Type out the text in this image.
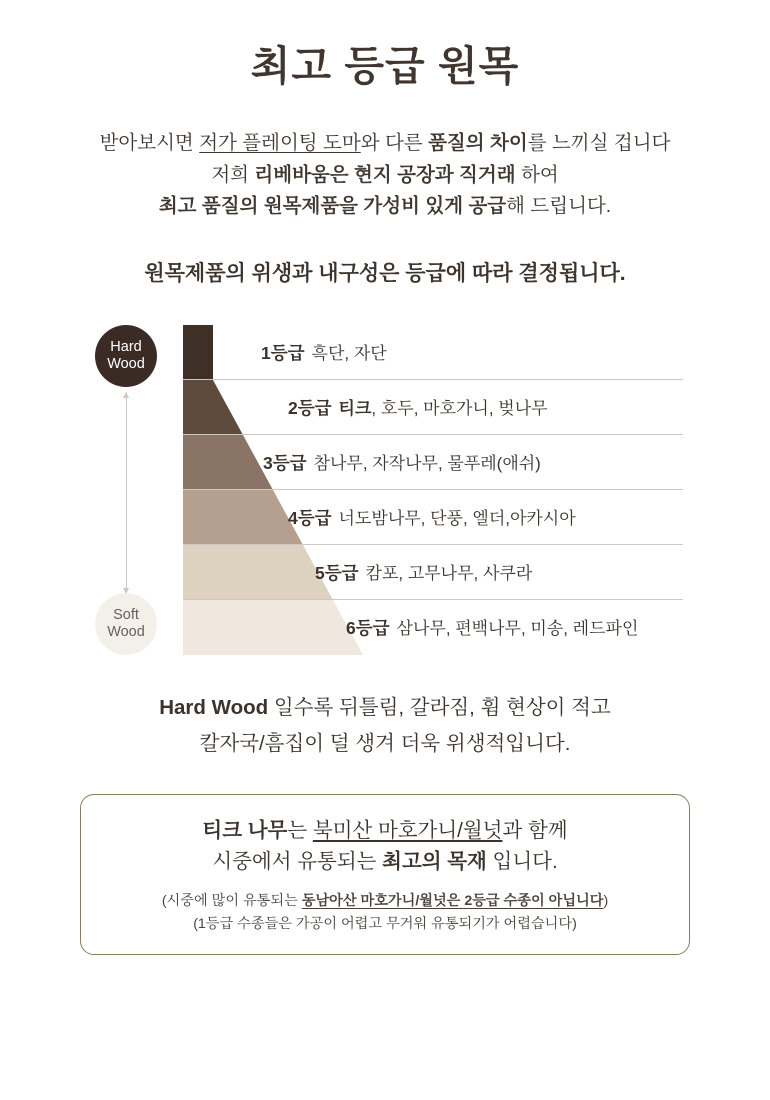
최고 등급 원목
받아보시면 저가 플레이팅 도마와 다른 품질의 차이를 느끼실 겁니다
저희 리베바움은 현지 공장과 직거래 하여
최고 품질의 원목제품을 가성비 있게 공급해 드립니다.
원목제품의 위생과 내구성은 등급에 따라 결정됩니다.
Hard
Wood
Soft
Wood
1등급 흑단, 자단
2등급 티크, 호두, 마호가니, 벚나무
3등급 참나무, 자작나무, 물푸레(애쉬)
4등급 너도밤나무, 단풍, 엘더,아카시아
5등급 캄포, 고무나무, 사쿠라
6등급 삼나무, 편백나무, 미송, 레드파인
Hard Wood 일수록 뒤틀림, 갈라짐, 휨 현상이 적고
칼자국/흠집이 덜 생겨 더욱 위생적입니다.
티크 나무는 북미산 마호가니/월넛과 함께
시중에서 유통되는 최고의 목재 입니다.
(시중에 많이 유통되는 동남아산 마호가니/월넛은 2등급 수종이 아닙니다)
(1등급 수종들은 가공이 어렵고 무거워 유통되기가 어렵습니다)
